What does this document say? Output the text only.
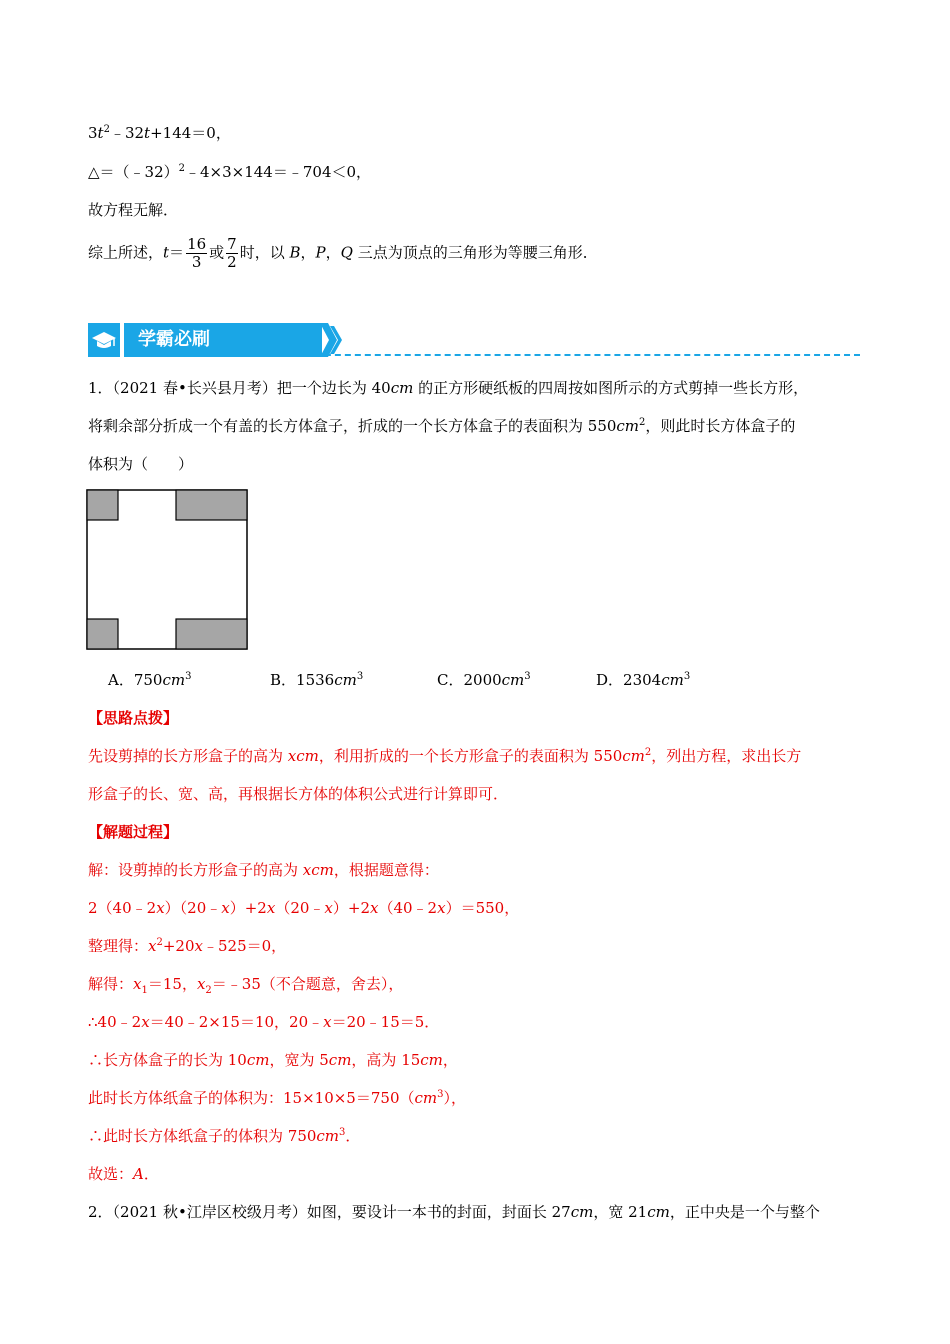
$3t^2﹣32t+144=0$，
△＝（﹣32）$^2$﹣4×3×144＝﹣704＜0，
故方程无解．
综上所述，$t= \frac{16}{3}$ 或 $\frac{7}{2}$ 时，以 B，P，Q 三点为顶点的三角形为等腰三角形．
学霸必刷
1．（2021 春•长兴县月考）把一个边长为 40cm 的正方形硬纸板的四周按如图所示的方式剪掉一些长方形，
将剩余部分折成一个有盖的长方体盒子，折成的一个长方体盒子的表面积为 $550cm^2$，则此时长方体盒子的
体积为（　　）
A．$750cm^3$	B．$1536cm^3$	C．$2000cm^3$	D．$2304cm^3$
【思路点拨】
先设剪掉的长方形盒子的高为 xcm，利用折成的一个长方形盒子的表面积为 $550cm^2$，列出方程，求出长方
形盒子的长、宽、高，再根据长方体的体积公式进行计算即可．
【解题过程】
解：设剪掉的长方形盒子的高为 xcm，根据题意得：
2（40﹣2x）（20﹣x）+2x（20﹣x）+2x（40﹣2x）＝550，
整理得：$x^2+20x﹣525=0$，
解得：$x_1=15$，$x_2=﹣35$（不合题意，舍去），
∴40﹣2x＝40﹣2×15＝10，20﹣x＝20﹣15＝5．
∴长方体盒子的长为 10cm，宽为 5cm，高为 15cm，
此时长方体纸盒子的体积为：$15\times 10\times 5=750(cm^3)$，
∴此时长方体纸盒子的体积为 $750cm^3$．
故选：A．
2．（2021 秋•江岸区校级月考）如图，要设计一本书的封面，封面长 27cm，宽 21cm，正中央是一个与整个
